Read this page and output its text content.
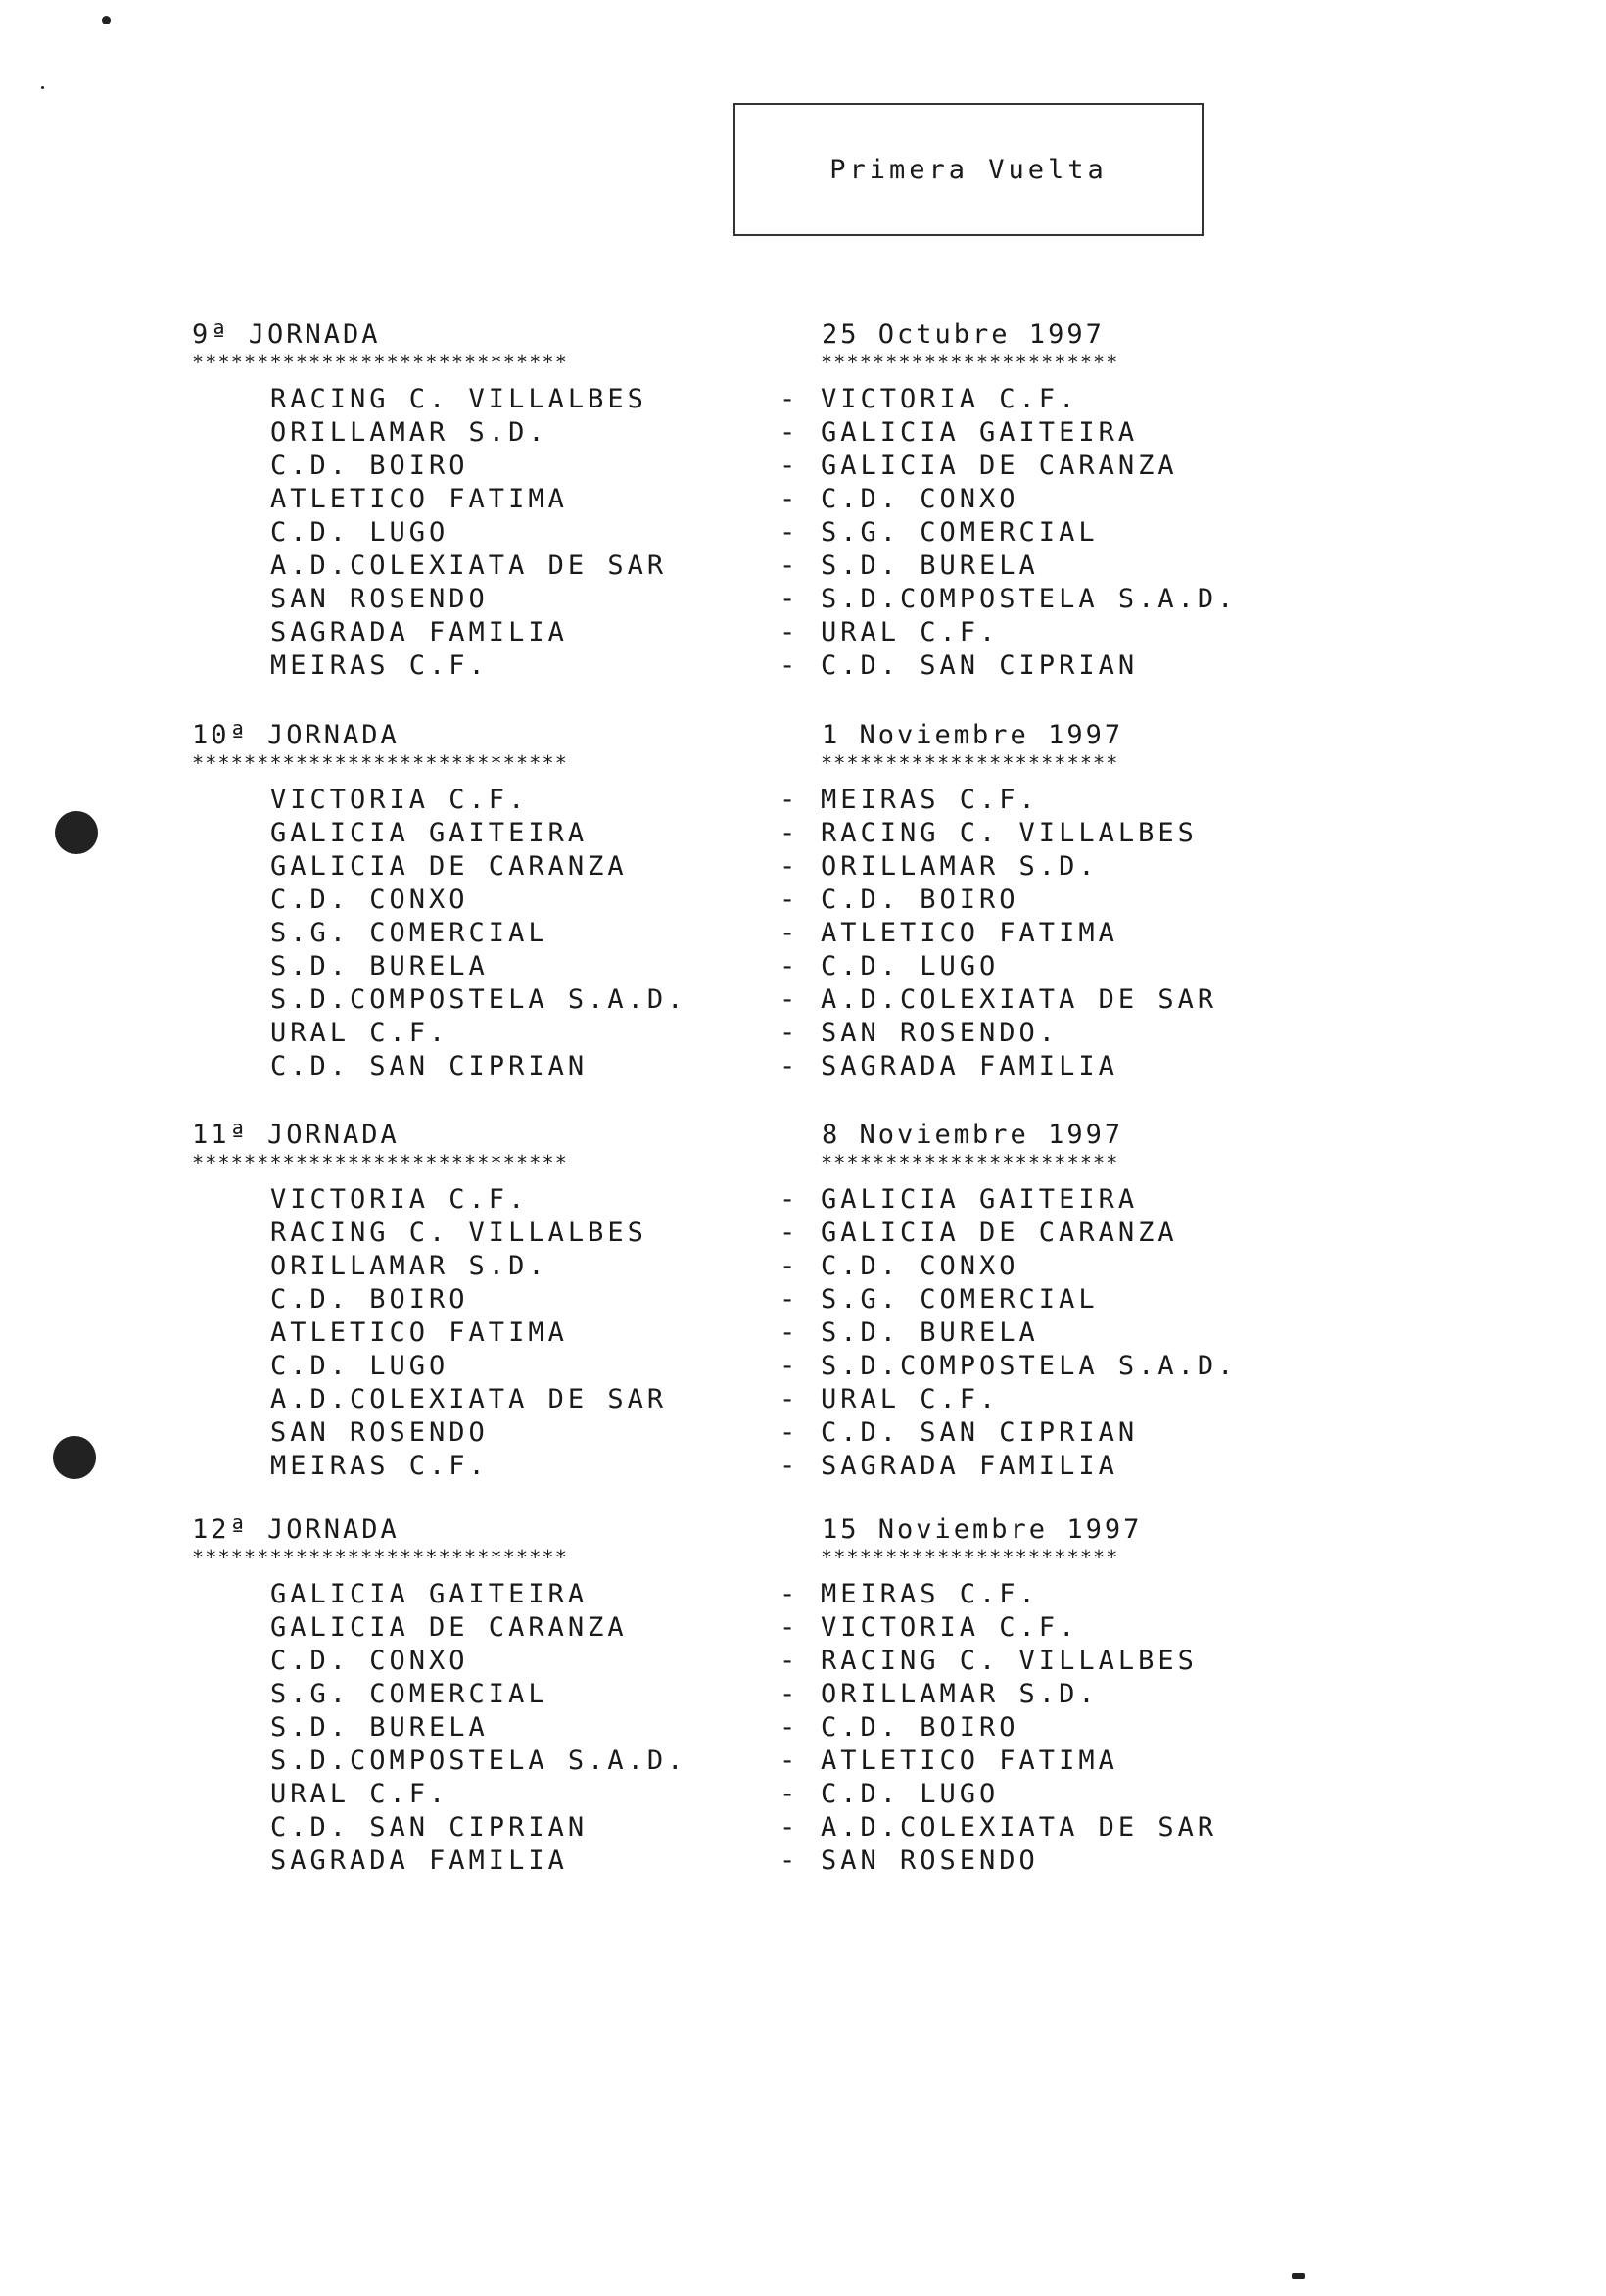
Primera Vuelta
9ª JORNADA	25 Octubre 1997
*****************************	***********************
RACING C. VILLALBES	- VICTORIA C.F.
ORILLAMAR S.D.	- GALICIA GAITEIRA
C.D. BOIRO	- GALICIA DE CARANZA
ATLETICO FATIMA	- C.D. CONXO
C.D. LUGO	- S.G. COMERCIAL
A.D.COLEXIATA DE SAR	- S.D. BURELA
SAN ROSENDO	- S.D.COMPOSTELA S.A.D.
SAGRADA FAMILIA	- URAL C.F.
MEIRAS C.F.	- C.D. SAN CIPRIAN
10ª JORNADA	1 Noviembre 1997
*****************************	***********************
VICTORIA C.F.	- MEIRAS C.F.
GALICIA GAITEIRA	- RACING C. VILLALBES
GALICIA DE CARANZA	- ORILLAMAR S.D.
C.D. CONXO	- C.D. BOIRO
S.G. COMERCIAL	- ATLETICO FATIMA
S.D. BURELA	- C.D. LUGO
S.D.COMPOSTELA S.A.D.	- A.D.COLEXIATA DE SAR
URAL C.F.	- SAN ROSENDO.
C.D. SAN CIPRIAN	- SAGRADA FAMILIA
11ª JORNADA	8 Noviembre 1997
*****************************	***********************
VICTORIA C.F.	- GALICIA GAITEIRA
RACING C. VILLALBES	- GALICIA DE CARANZA
ORILLAMAR S.D.	- C.D. CONXO
C.D. BOIRO	- S.G. COMERCIAL
ATLETICO FATIMA	- S.D. BURELA
C.D. LUGO	- S.D.COMPOSTELA S.A.D.
A.D.COLEXIATA DE SAR	- URAL C.F.
SAN ROSENDO	- C.D. SAN CIPRIAN
MEIRAS C.F.	- SAGRADA FAMILIA
12ª JORNADA	15 Noviembre 1997
*****************************	***********************
GALICIA GAITEIRA	- MEIRAS C.F.
GALICIA DE CARANZA	- VICTORIA C.F.
C.D. CONXO	- RACING C. VILLALBES
S.G. COMERCIAL	- ORILLAMAR S.D.
S.D. BURELA	- C.D. BOIRO
S.D.COMPOSTELA S.A.D.	- ATLETICO FATIMA
URAL C.F.	- C.D. LUGO
C.D. SAN CIPRIAN	- A.D.COLEXIATA DE SAR
SAGRADA FAMILIA	- SAN ROSENDO
